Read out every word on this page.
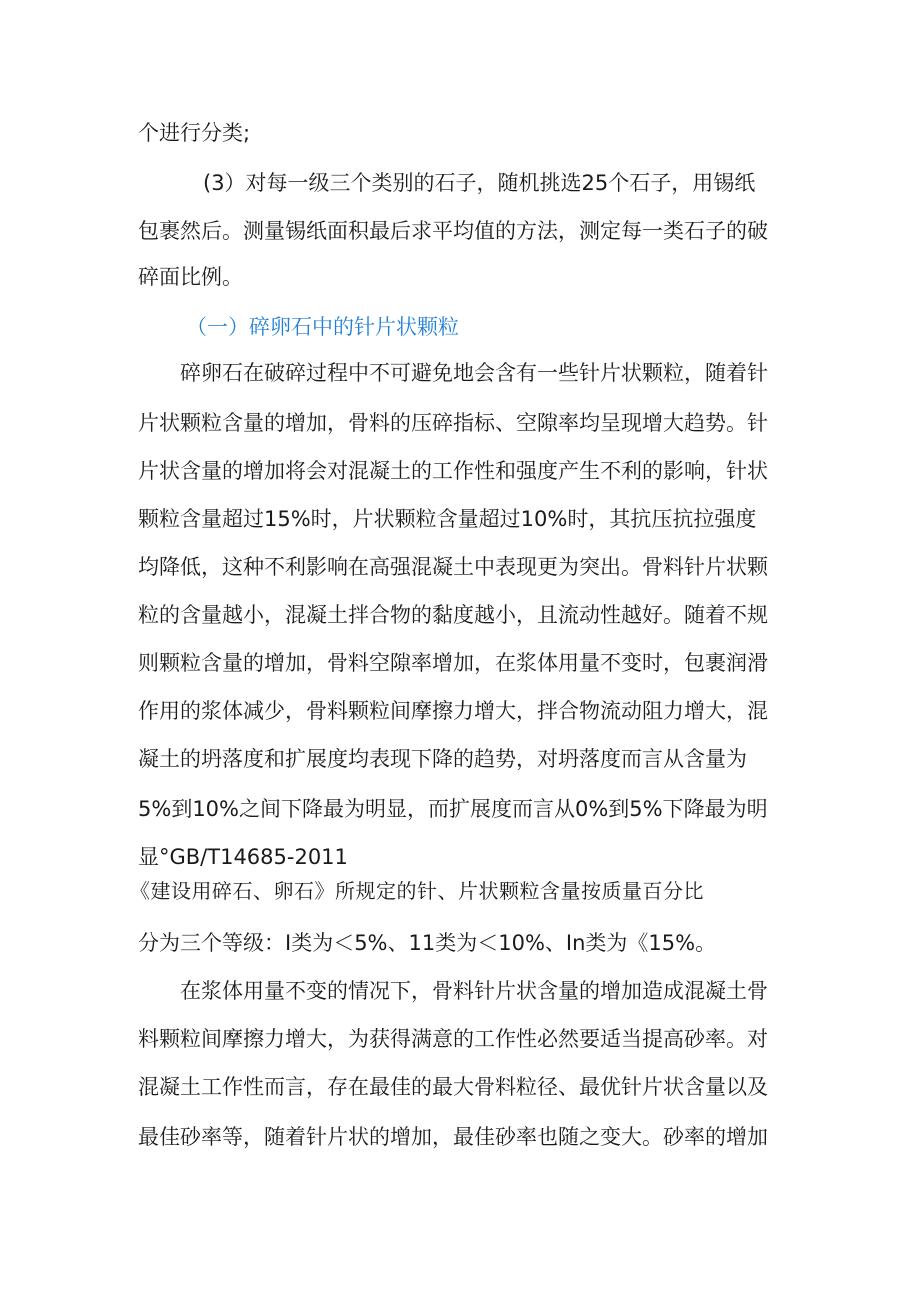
个进行分类;
(3）对每一级三个类别的石子，随机挑选25个石子，用锡纸
包裹然后。测量锡纸面积最后求平均值的方法，测定每一类石子的破
碎面比例。
（一）碎卵石中的针片状颗粒
碎卵石在破碎过程中不可避免地会含有一些针片状颗粒，随着针
片状颗粒含量的增加，骨料的压碎指标、空隙率均呈现增大趋势。针
片状含量的增加将会对混凝土的工作性和强度产生不利的影响，针状
颗粒含量超过15%时，片状颗粒含量超过10%时，其抗压抗拉强度
均降低，这种不利影响在高强混凝土中表现更为突出。骨料针片状颗
粒的含量越小，混凝土拌合物的黏度越小，且流动性越好。随着不规
则颗粒含量的增加，骨料空隙率增加，在浆体用量不变时，包裹润滑
作用的浆体减少，骨料颗粒间摩擦力增大，拌合物流动阻力增大，混
凝土的坍落度和扩展度均表现下降的趋势，对坍落度而言从含量为
5%到10%之间下降最为明显，而扩展度而言从0%到5%下降最为明
显°GB/T14685-2011
《建设用碎石、卵石》所规定的针、片状颗粒含量按质量百分比
分为三个等级：I类为＜5%、11类为＜10%、In类为《15%。
在浆体用量不变的情况下，骨料针片状含量的增加造成混凝土骨
料颗粒间摩擦力增大，为获得满意的工作性必然要适当提高砂率。对
混凝土工作性而言，存在最佳的最大骨料粒径、最优针片状含量以及
最佳砂率等，随着针片状的增加，最佳砂率也随之变大。砂率的增加
